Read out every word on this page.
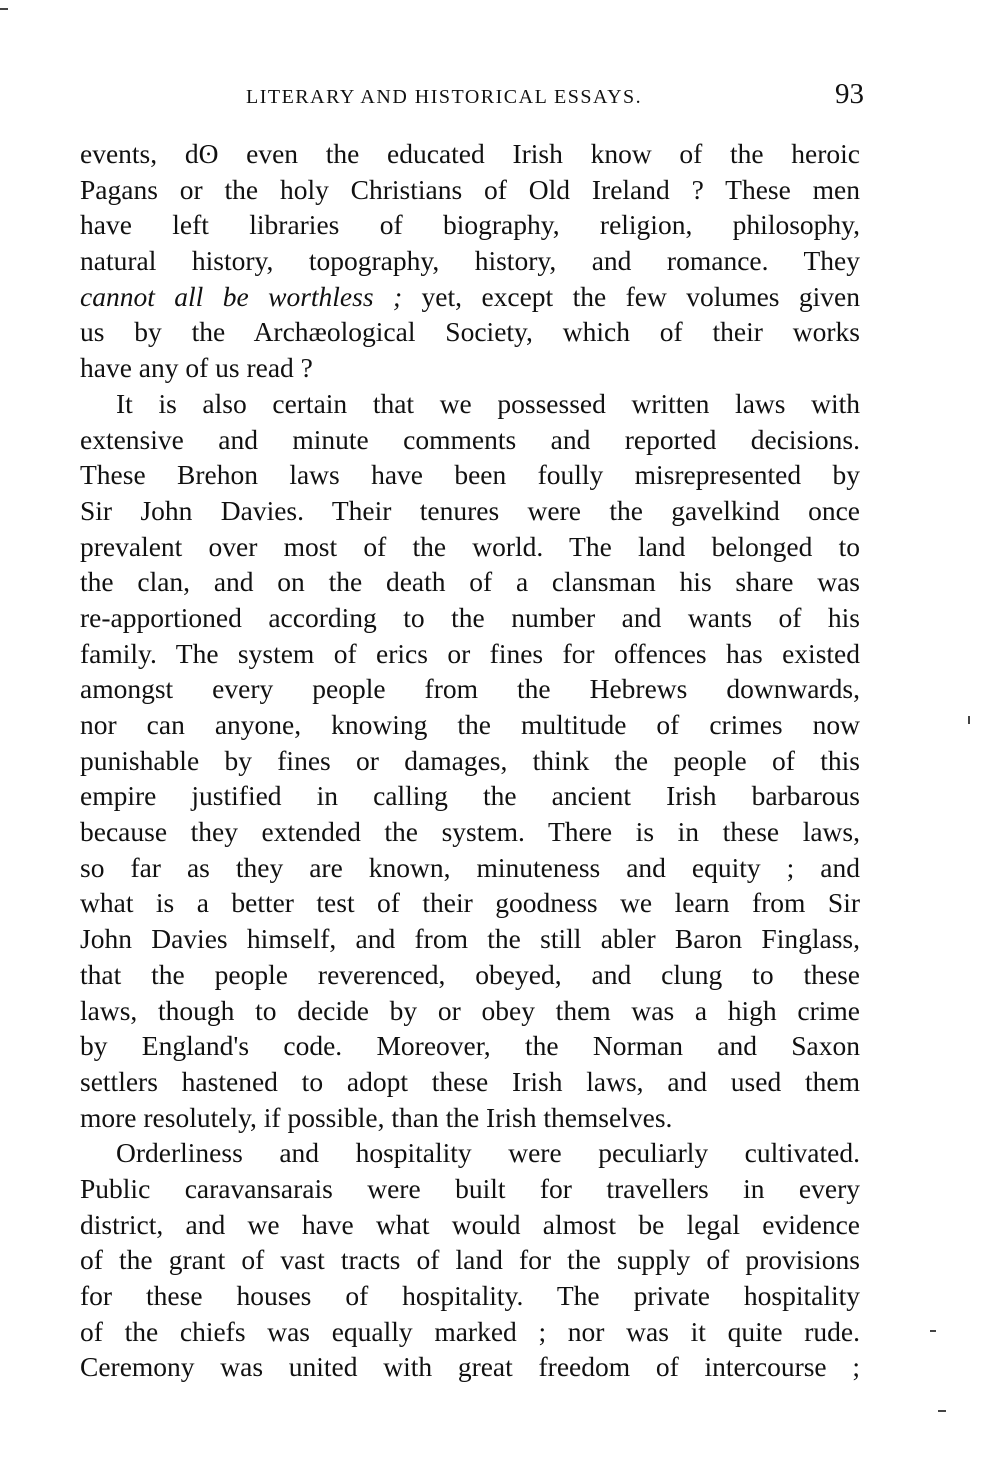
LITERARY AND HISTORICAL ESSAYS.	93
events, dʘ even the educated Irish know of the heroic
Pagans or the holy Christians of Old Ireland ? These men
have left libraries of biography, religion, philosophy,
natural history, topography, history, and romance. They
cannot all be worthless ; yet, except the few volumes given
us by the Archæological Society, which of their works
have any of us read ?
It is also certain that we possessed written laws with
extensive and minute comments and reported decisions.
These Brehon laws have been foully misrepresented by
Sir John Davies. Their tenures were the gavelkind once
prevalent over most of the world. The land belonged to
the clan, and on the death of a clansman his share was
re-apportioned according to the number and wants of his
family. The system of erics or fines for offences has existed
amongst every people from the Hebrews downwards,
nor can anyone, knowing the multitude of crimes now
punishable by fines or damages, think the people of this
empire justified in calling the ancient Irish barbarous
because they extended the system. There is in these laws,
so far as they are known, minuteness and equity ; and
what is a better test of their goodness we learn from Sir
John Davies himself, and from the still abler Baron Finglass,
that the people reverenced, obeyed, and clung to these
laws, though to decide by or obey them was a high crime
by England's code. Moreover, the Norman and Saxon
settlers hastened to adopt these Irish laws, and used them
more resolutely, if possible, than the Irish themselves.
Orderliness and hospitality were peculiarly cultivated.
Public caravansarais were built for travellers in every
district, and we have what would almost be legal evidence
of the grant of vast tracts of land for the supply of provisions
for these houses of hospitality. The private hospitality
of the chiefs was equally marked ; nor was it quite rude.
Ceremony was united with great freedom of intercourse ;
